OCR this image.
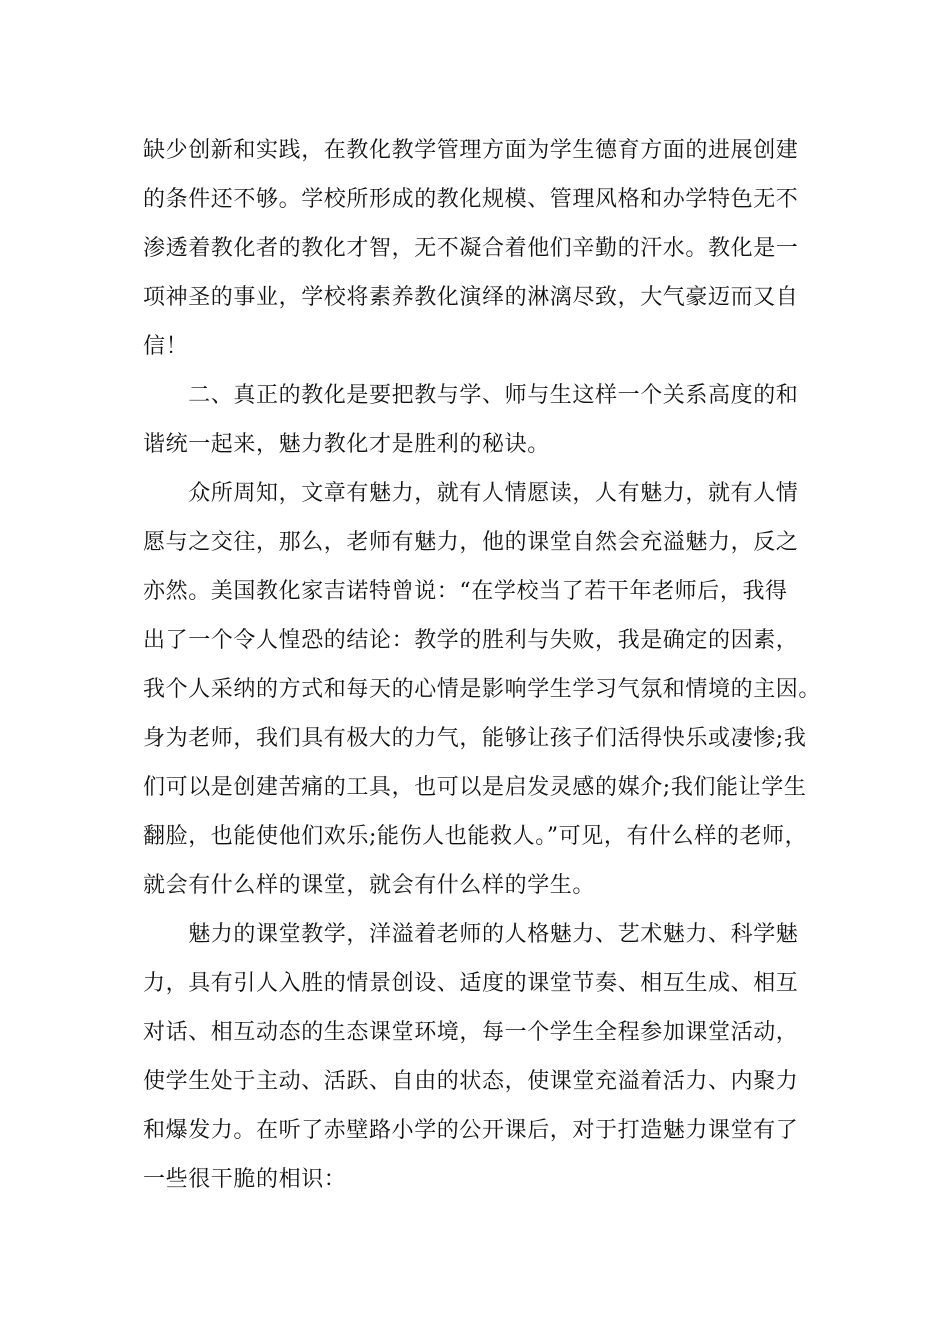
缺少创新和实践，在教化教学管理方面为学生德育方面的进展创建
的条件还不够。学校所形成的教化规模、管理风格和办学特色无不
渗透着教化者的教化才智，无不凝合着他们辛勤的汗水。教化是一
项神圣的事业，学校将素养教化演绎的淋漓尽致，大气豪迈而又自
信！
　　二、真正的教化是要把教与学、师与生这样一个关系高度的和
谐统一起来，魅力教化才是胜利的秘诀。
　　众所周知，文章有魅力，就有人情愿读，人有魅力，就有人情
愿与之交往，那么，老师有魅力，他的课堂自然会充溢魅力，反之
亦然。美国教化家吉诺特曾说：“在学校当了若干年老师后，我得
出了一个令人惶恐的结论：教学的胜利与失败，我是确定的因素，
我个人采纳的方式和每天的心情是影响学生学习气氛和情境的主因。
身为老师，我们具有极大的力气，能够让孩子们活得快乐或凄惨;我
们可以是创建苦痛的工具，也可以是启发灵感的媒介;我们能让学生
翻脸，也能使他们欢乐;能伤人也能救人。”可见，有什么样的老师，
就会有什么样的课堂，就会有什么样的学生。
　　魅力的课堂教学，洋溢着老师的人格魅力、艺术魅力、科学魅
力，具有引人入胜的情景创设、适度的课堂节奏、相互生成、相互
对话、相互动态的生态课堂环境，每一个学生全程参加课堂活动，
使学生处于主动、活跃、自由的状态，使课堂充溢着活力、内聚力
和爆发力。在听了赤壁路小学的公开课后，对于打造魅力课堂有了
一些很干脆的相识：
